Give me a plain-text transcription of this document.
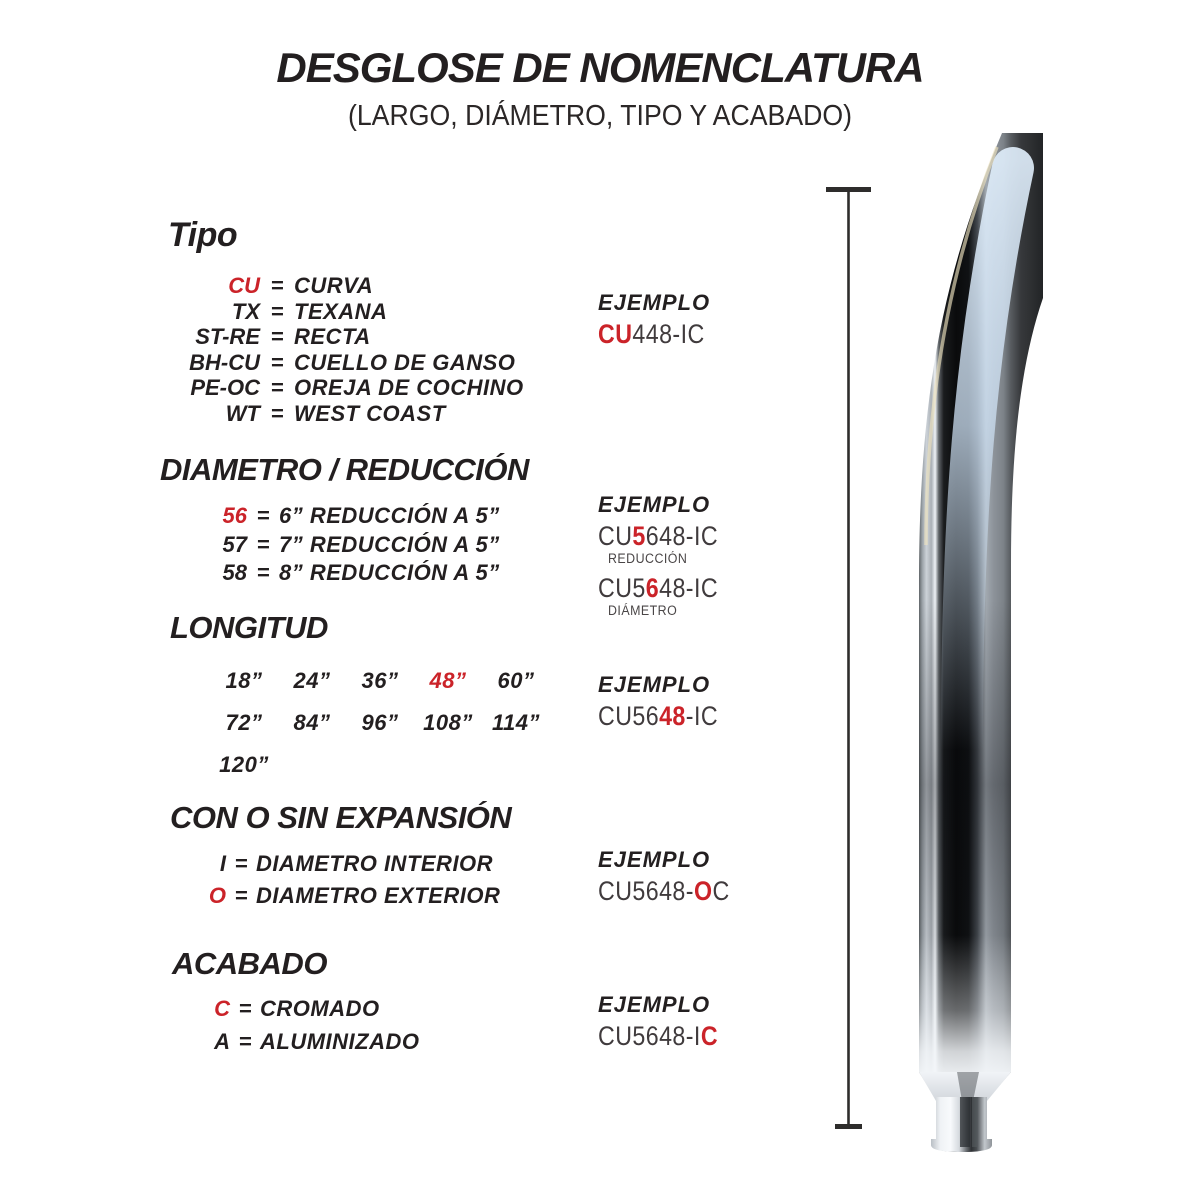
DESGLOSE DE NOMENCLATURA
(LARGO, DIÁMETRO, TIPO Y ACABADO)
Tipo
CU = CURVA
TX = TEXANA
ST-RE = RECTA
BH-CU = CUELLO DE GANSO
PE-OC = OREJA DE COCHINO
WT = WEST COAST
DIAMETRO / REDUCCIÓN
56 = 6” REDUCCIÓN A 5”
57 = 7” REDUCCIÓN A 5”
58 = 8” REDUCCIÓN A 5”
LONGITUD
18”	24”	36”	48”	60”
72”	84”	96”	108” 114”
120”
CON O SIN EXPANSIÓN
I = DIAMETRO INTERIOR
O = DIAMETRO EXTERIOR
ACABADO
C = CROMADO
A = ALUMINIZADO
EJEMPLO
CU448-IC
EJEMPLO
CU5648-IC
REDUCCIÓN
CU5648-IC
DIÁMETRO
EJEMPLO
CU5648-IC
EJEMPLO
CU5648-OC
EJEMPLO
CU5648-IC
